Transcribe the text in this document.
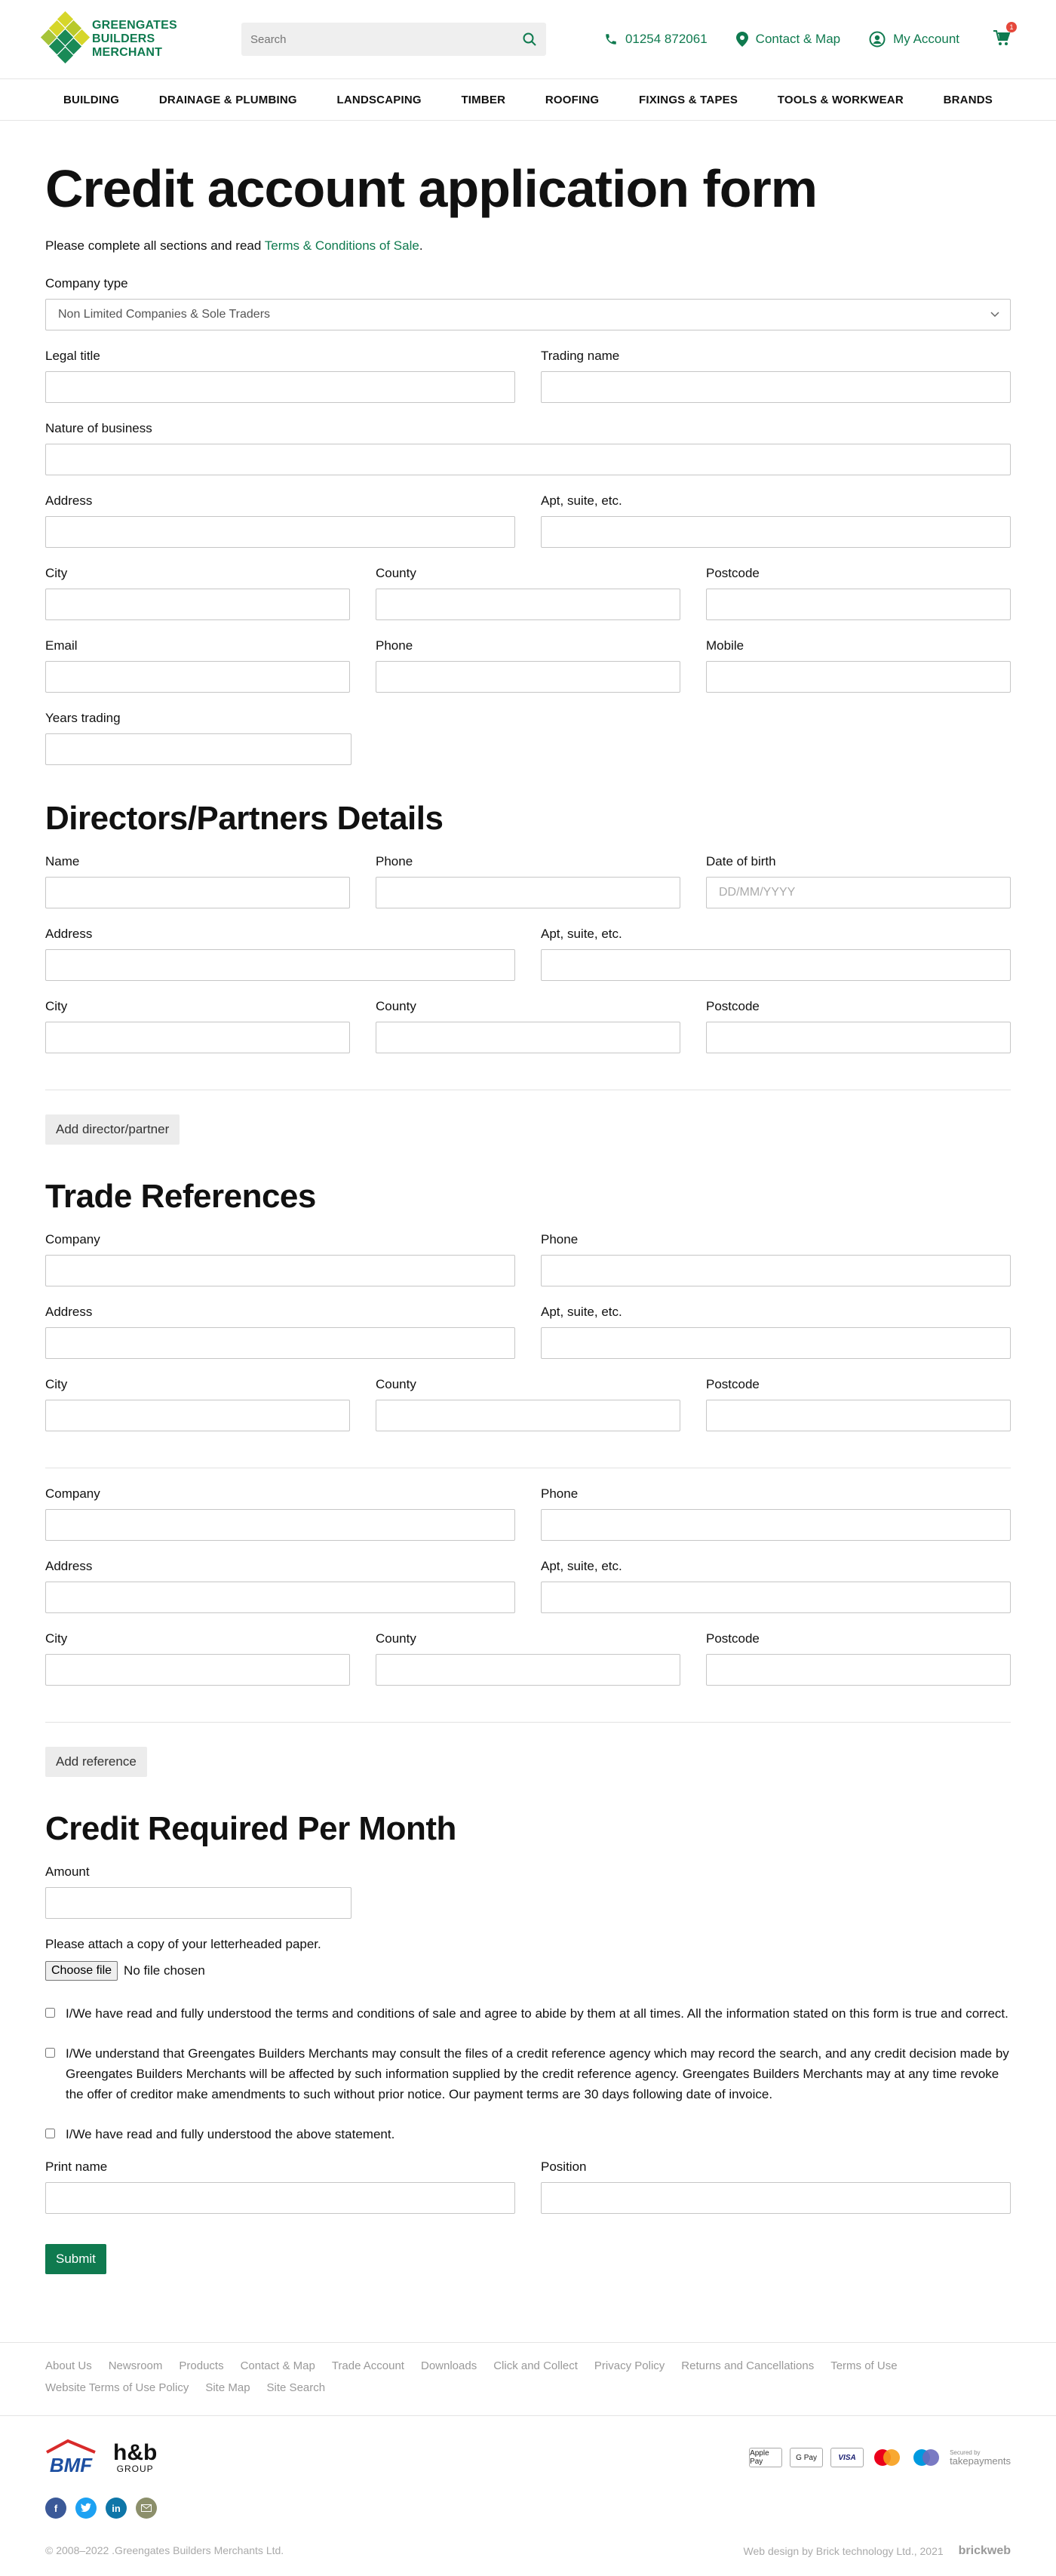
GREENGATES
BUILDERS
MERCHANT
Search
01254 872061	Contact & Map	My Account
1
BUILDING	DRAINAGE & PLUMBING	LANDSCAPING	TIMBER	ROOFING	FIXINGS & TAPES	TOOLS & WORKWEAR	BRANDS
Credit account application form

Please complete all sections and read Terms & Conditions of Sale.

Company type
Non Limited Companies & Sole Traders
Legal title	Trading name
Nature of business
Address	Apt, suite, etc.
City	County	Postcode
Email	Phone	Mobile
Years trading
Directors/Partners Details
Name	Phone	Date of birth
DD/MM/YYYY
Address	Apt, suite, etc.
City	County	Postcode
Add director/partner
Trade References
Company	Phone
Address	Apt, suite, etc.
City	County	Postcode
Company	Phone
Address	Apt, suite, etc.
City	County	Postcode
Add reference
Credit Required Per Month
Amount

Please attach a copy of your letterheaded paper.

Choose file No file chosen
I/We have read and fully understood the terms and conditions of sale and agree to abide by them at all times. All the information stated on this form is true and correct.
I/We understand that Greengates Builders Merchants may consult the files of a credit reference agency which may record the search, and any credit decision made by Greengates Builders Merchants will be affected by such information supplied by the credit reference agency. Greengates Builders Merchants may at any time revoke the offer of creditor make amendments to such without prior notice. Our payment terms are 30 days following date of invoice.
I/We have read and fully understood the above statement.
Print name	Position
Submit
About Us Newsroom Products Contact & Map Trade Account Downloads Click and Collect Privacy Policy Returns and Cancellations Terms of Use
Website Terms of Use Policy Site Map Site Search
BMF h&b
GROUP
Apple Pay	G Pay	VISA
Secured by
takepayments
f	in
© 2008–2022 .Greengates Builders Merchants Ltd.	Web design by Brick technology Ltd., 2021 brickweb
